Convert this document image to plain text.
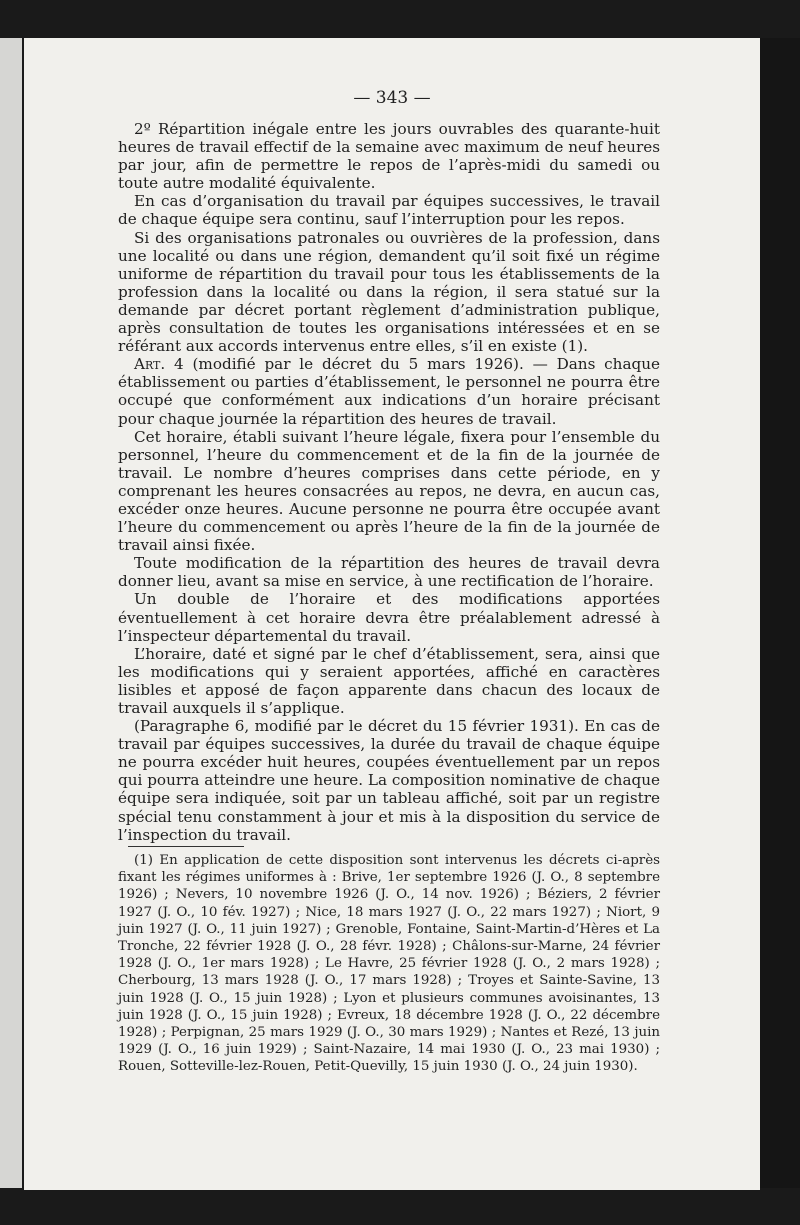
— 343 —

2º Répartition inégale entre les jours ouvrables des quarante-huit heures de travail effectif de la semaine avec maximum de neuf heures par jour, afin de permettre le repos de l’après-midi du samedi ou toute autre modalité équivalente.

En cas d’organisation du travail par équipes successives, le travail de chaque équipe sera continu, sauf l’interruption pour les repos.

Si des organisations patronales ou ouvrières de la profession, dans une localité ou dans une région, demandent qu’il soit fixé un régime uniforme de répartition du travail pour tous les établissements de la profession dans la localité ou dans la région, il sera statué sur la demande par décret portant règlement d’administration publique, après consultation de toutes les organisations intéressées et en se référant aux accords intervenus entre elles, s’il en existe (1).

Art. 4 (modifié par le décret du 5 mars 1926). — Dans chaque établissement ou parties d’établissement, le personnel ne pourra être occupé que conformément aux indications d’un horaire précisant pour chaque journée la répartition des heures de travail.

Cet horaire, établi suivant l’heure légale, fixera pour l’ensemble du personnel, l’heure du commencement et de la fin de la journée de travail. Le nombre d’heures comprises dans cette période, en y comprenant les heures consacrées au repos, ne devra, en aucun cas, excéder onze heures. Aucune personne ne pourra être occupée avant l’heure du commencement ou après l’heure de la fin de la journée de travail ainsi fixée.

Toute modification de la répartition des heures de travail devra donner lieu, avant sa mise en service, à une rectification de l’horaire.

Un double de l’horaire et des modifications apportées éventuellement à cet horaire devra être préalablement adressé à l’inspecteur départemental du travail.

L’horaire, daté et signé par le chef d’établissement, sera, ainsi que les modifications qui y seraient apportées, affiché en caractères lisibles et apposé de façon apparente dans chacun des locaux de travail auxquels il s’applique.

(Paragraphe 6, modifié par le décret du 15 février 1931). En cas de travail par équipes successives, la durée du travail de chaque équipe ne pourra excéder huit heures, coupées éventuellement par un repos qui pourra atteindre une heure. La composition nominative de chaque équipe sera indiquée, soit par un tableau affiché, soit par un registre spécial tenu constamment à jour et mis à la disposition du service de l’inspection du travail.

(1) En application de cette disposition sont intervenus les décrets ci-après fixant les régimes uniformes à : Brive, 1er septembre 1926 (J. O., 8 septembre 1926) ; Nevers, 10 novembre 1926 (J. O., 14 nov. 1926) ; Béziers, 2 février 1927 (J. O., 10 fév. 1927) ; Nice, 18 mars 1927 (J. O., 22 mars 1927) ; Niort, 9 juin 1927 (J. O., 11 juin 1927) ; Grenoble, Fontaine, Saint-Martin-d’Hères et La Tronche, 22 février 1928 (J. O., 28 févr. 1928) ; Châlons-sur-Marne, 24 février 1928 (J. O., 1er mars 1928) ; Le Havre, 25 février 1928 (J. O., 2 mars 1928) ; Cherbourg, 13 mars 1928 (J. O., 17 mars 1928) ; Troyes et Sainte-Savine, 13 juin 1928 (J. O., 15 juin 1928) ; Lyon et plusieurs communes avoisinantes, 13 juin 1928 (J. O., 15 juin 1928) ; Evreux, 18 décembre 1928 (J. O., 22 décembre 1928) ; Perpignan, 25 mars 1929 (J. O., 30 mars 1929) ; Nantes et Rezé, 13 juin 1929 (J. O., 16 juin 1929) ; Saint-Nazaire, 14 mai 1930 (J. O., 23 mai 1930) ; Rouen, Sotteville-lez-Rouen, Petit-Quevilly, 15 juin 1930 (J. O., 24 juin 1930).
